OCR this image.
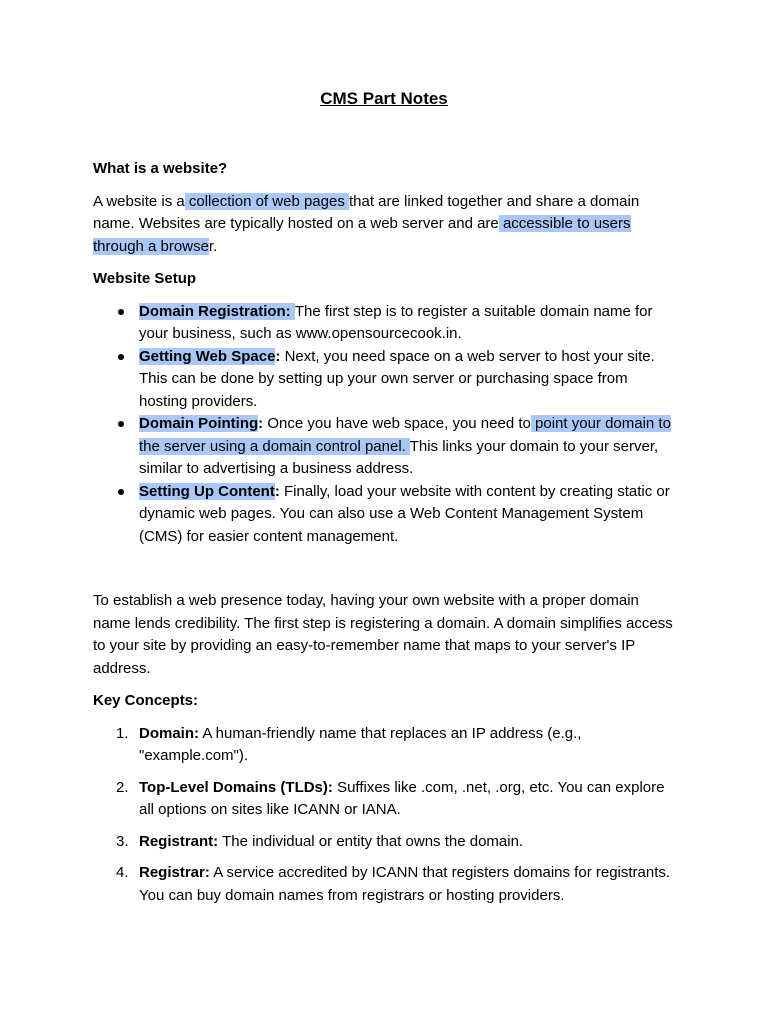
CMS Part Notes
What is a website?

A website is a collection of web pages that are linked together and share a domain name. Websites are typically hosted on a web server and are accessible to users through a browser.

Website Setup
Domain Registration: The first step is to register a suitable domain name for your business, such as www.opensourcecook.in.
Getting Web Space: Next, you need space on a web server to host your site. This can be done by setting up your own server or purchasing space from hosting providers.
Domain Pointing: Once you have web space, you need to point your domain to the server using a domain control panel. This links your domain to your server, similar to advertising a business address.
Setting Up Content: Finally, load your website with content by creating static or dynamic web pages. You can also use a Web Content Management System (CMS) for easier content management.

To establish a web presence today, having your own website with a proper domain name lends credibility. The first step is registering a domain. A domain simplifies access to your site by providing an easy-to-remember name that maps to your server's IP address.

Key Concepts:
1. Domain: A human-friendly name that replaces an IP address (e.g., "example.com").
2. Top-Level Domains (TLDs): Suffixes like .com, .net, .org, etc. You can explore all options on sites like ICANN or IANA.
3. Registrant: The individual or entity that owns the domain.
4. Registrar: A service accredited by ICANN that registers domains for registrants. You can buy domain names from registrars or hosting providers.
